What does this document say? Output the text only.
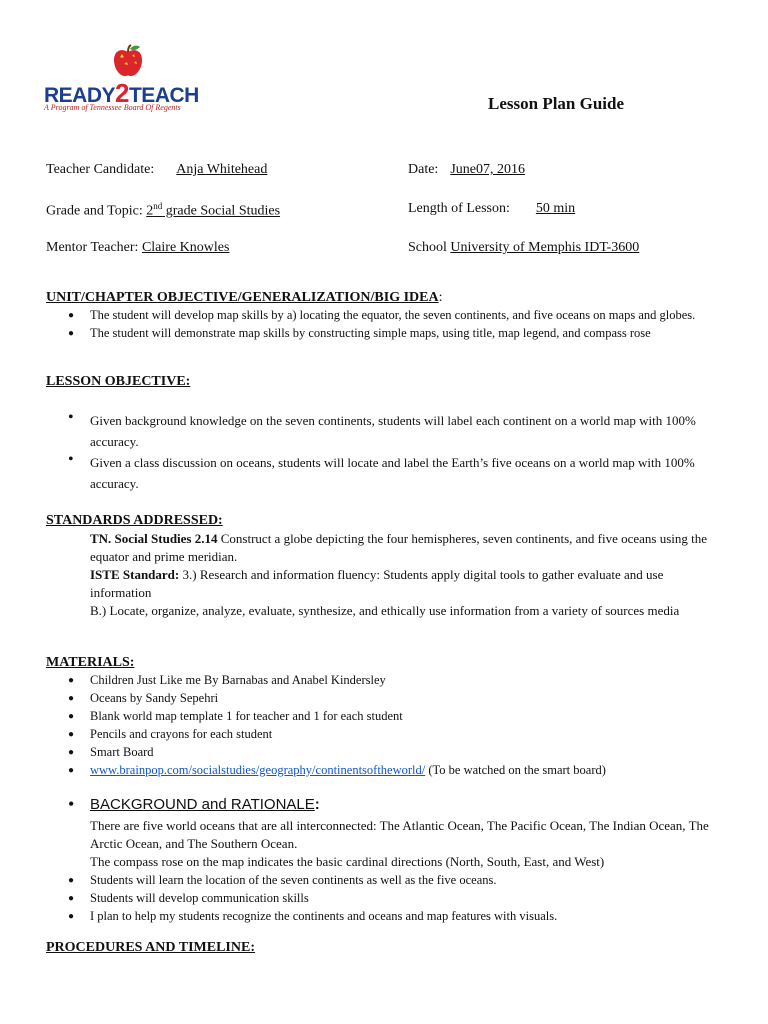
READY2TEACH
A Program of Tennessee Board Of Regents	Lesson Plan Guide
Teacher Candidate: Anja Whitehead	Date: June07, 2016
Grade and Topic: 2nd grade Social Studies	Length of Lesson: 50 min
Mentor Teacher: Claire Knowles	School University of Memphis IDT-3600
UNIT/CHAPTER OBJECTIVE/GENERALIZATION/BIG IDEA:
● The student will develop map skills by a) locating the equator, the seven continents, and five oceans on maps and globes.
● The student will demonstrate map skills by constructing simple maps, using title, map legend, and compass rose
LESSON OBJECTIVE:
• Given background knowledge on the seven continents, students will label each continent on a world map with 100% accuracy.
• Given a class discussion on oceans, students will locate and label the Earth’s five oceans on a world map with 100% accuracy.
STANDARDS ADDRESSED:
TN. Social Studies 2.14 Construct a globe depicting the four hemispheres, seven continents, and five oceans using the equator and prime meridian.
ISTE Standard: 3.) Research and information fluency: Students apply digital tools to gather evaluate and use information
B.) Locate, organize, analyze, evaluate, synthesize, and ethically use information from a variety of sources media
MATERIALS:
● Children Just Like me By Barnabas and Anabel Kindersley
● Oceans by Sandy Sepehri
● Blank world map template 1 for teacher and 1 for each student
● Pencils and crayons for each student
● Smart Board
● www.brainpop.com/socialstudies/geography/continentsoftheworld/ (To be watched on the smart board)
• BACKGROUND and RATIONALE:
There are five world oceans that are all interconnected: The Atlantic Ocean, The Pacific Ocean, The Indian Ocean, The Arctic Ocean, and The Southern Ocean.
The compass rose on the map indicates the basic cardinal directions (North, South, East, and West)
● Students will learn the location of the seven continents as well as the five oceans.
● Students will develop communication skills
● I plan to help my students recognize the continents and oceans and map features with visuals.
PROCEDURES AND TIMELINE:
